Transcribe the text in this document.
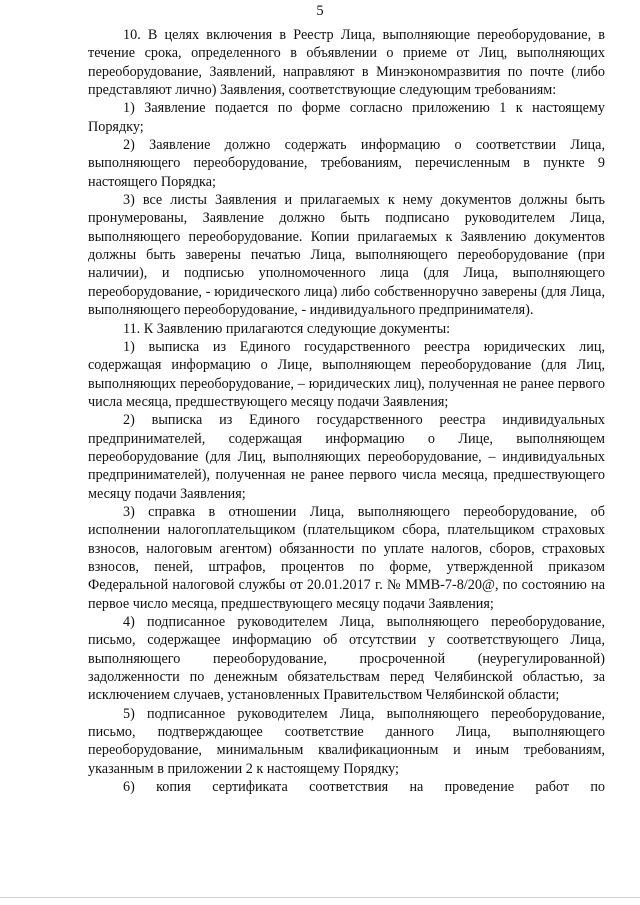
5

10. В целях включения в Реестр Лица, выполняющие переоборудование, в течение срока, определенного в объявлении о приеме от Лиц, выполняющих переоборудование, Заявлений, направляют в Минэкономразвития по почте (либо представляют лично) Заявления, соответствующие следующим требованиям:

1) Заявление подается по форме согласно приложению 1 к настоящему Порядку;

2) Заявление должно содержать информацию о соответствии Лица, выполняющего переоборудование, требованиям, перечисленным в пункте 9 настоящего Порядка;

3) все листы Заявления и прилагаемых к нему документов должны быть пронумерованы, Заявление должно быть подписано руководителем Лица, выполняющего переоборудование. Копии прилагаемых к Заявлению документов должны быть заверены печатью Лица, выполняющего переоборудование (при наличии), и подписью уполномоченного лица (для Лица, выполняющего переоборудование, - юридического лица) либо собственноручно заверены (для Лица, выполняющего переоборудование, - индивидуального предпринимателя).

11. К Заявлению прилагаются следующие документы:

1) выписка из Единого государственного реестра юридических лиц, содержащая информацию о Лице, выполняющем переоборудование (для Лиц, выполняющих переоборудование, – юридических лиц), полученная не ранее первого числа месяца, предшествующего месяцу подачи Заявления;

2) выписка из Единого государственного реестра индивидуальных предпринимателей, содержащая информацию о Лице, выполняющем переоборудование (для Лиц, выполняющих переоборудование, – индивидуальных предпринимателей), полученная не ранее первого числа месяца, предшествующего месяцу подачи Заявления;

3) справка в отношении Лица, выполняющего переоборудование, об исполнении налогоплательщиком (плательщиком сбора, плательщиком страховых взносов, налоговым агентом) обязанности по уплате налогов, сборов, страховых взносов, пеней, штрафов, процентов по форме, утвержденной приказом Федеральной налоговой службы от 20.01.2017 г. № ММВ-7-8/20@, по состоянию на первое число месяца, предшествующего месяцу подачи Заявления;

4) подписанное руководителем Лица, выполняющего переоборудование, письмо, содержащее информацию об отсутствии у соответствующего Лица, выполняющего переоборудование, просроченной (неурегулированной) задолженности по денежным обязательствам перед Челябинской областью, за исключением случаев, установленных Правительством Челябинской области;

5) подписанное руководителем Лица, выполняющего переоборудование, письмо, подтверждающее соответствие данного Лица, выполняющего переоборудование, минимальным квалификационным и иным требованиям, указанным в приложении 2 к настоящему Порядку;

6) копия сертификата соответствия на проведение работ по
